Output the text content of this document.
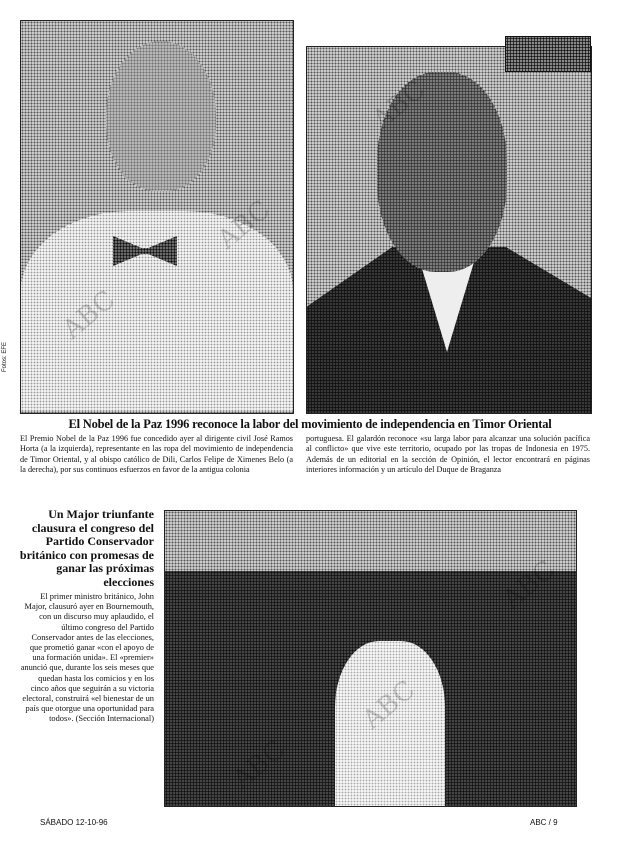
Fotos: EFE
El Nobel de la Paz 1996 reconoce la labor del movimiento de independencia en Timor Oriental
El Premio Nobel de la Paz 1996 fue concedido ayer al dirigente civil José Ramos Horta (a la izquierda), representante en las ropa del movimiento de independencia de Timor Oriental, y al obispo católico de Dili, Carlos Felipe de Ximenes Belo (a la derecha), por sus continuos esfuerzos en favor de la antigua colonia
portuguesa. El galardón reconoce «su larga labor para alcanzar una solución pacífica al conflicto» que vive este territorio, ocupado por las tropas de Indonesia en 1975. Además de un editorial en la sección de Opinión, el lector encontrará en páginas interiores información y un artículo del Duque de Braganza
Un Major triunfante clausura el congreso del Partido Conservador británico con promesas de ganar las próximas elecciones
El primer ministro británico, John Major, clausuró ayer en Bournemouth, con un discurso muy aplaudido, el último congreso del Partido Conservador antes de las elecciones, que prometió ganar «con el apoyo de una formación unida». El «premier» anunció que, durante los seis meses que quedan hasta los comicios y en los cinco años que seguirán a su victoria electoral, construirá «el bienestar de un país que otorgue una oportunidad para todos». (Sección Internacional)
SÁBADO 12-10-96	ABC / 9
